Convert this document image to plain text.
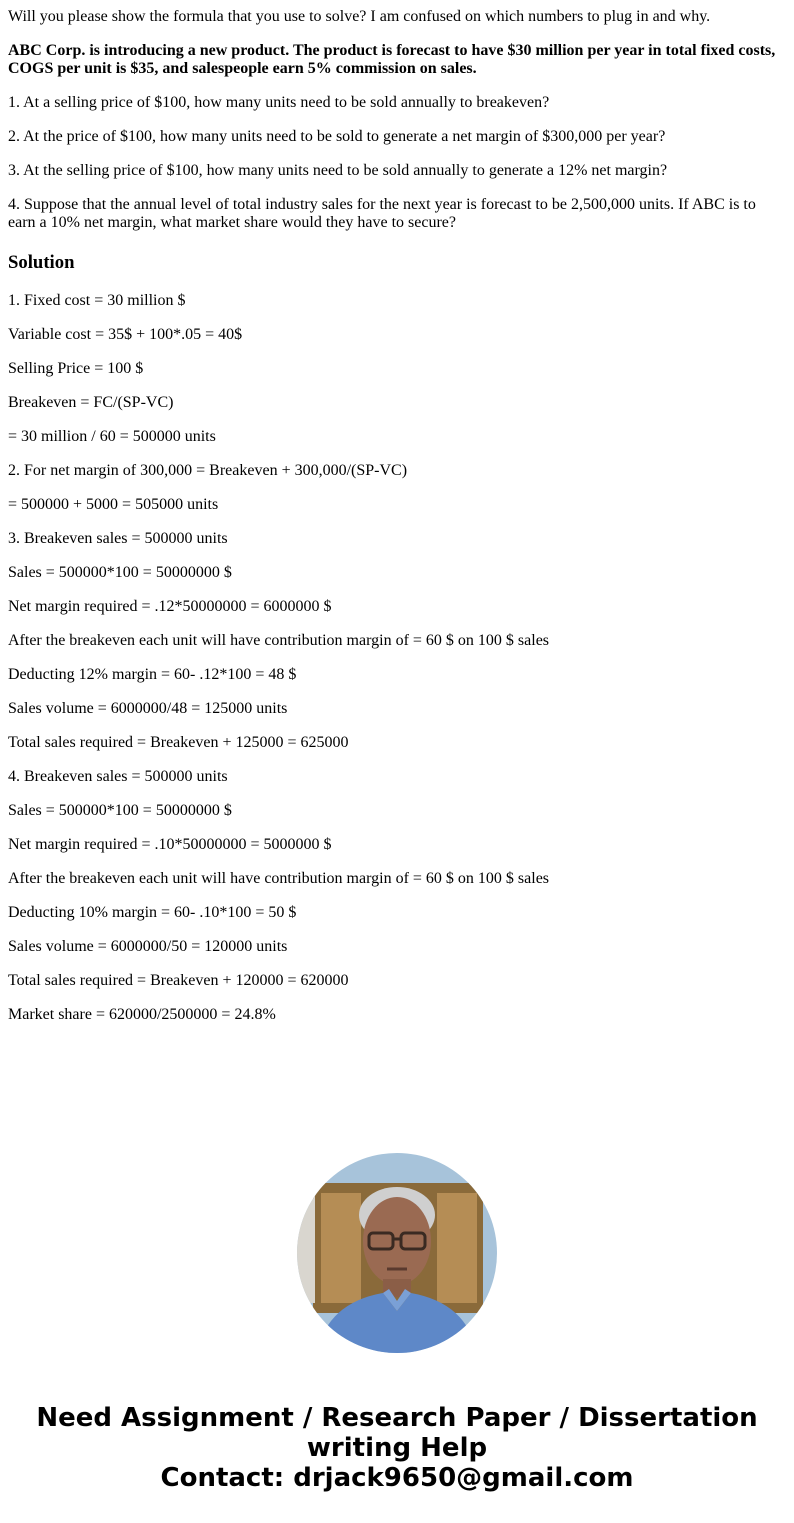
Will you please show the formula that you use to solve? I am confused on which numbers to plug in and why.

ABC Corp. is introducing a new product. The product is forecast to have $30 million per year in total fixed costs, COGS per unit is $35, and salespeople earn 5% commission on sales.

1. At a selling price of $100, how many units need to be sold annually to breakeven?

2. At the price of $100, how many units need to be sold to generate a net margin of $300,000 per year?

3. At the selling price of $100, how many units need to be sold annually to generate a 12% net margin?

4. Suppose that the annual level of total industry sales for the next year is forecast to be 2,500,000 units. If ABC is to earn a 10% net margin, what market share would they have to secure?

Solution

1. Fixed cost = 30 million $

Variable cost = 35$ + 100*.05 = 40$

Selling Price = 100 $

Breakeven = FC/(SP-VC)

= 30 million / 60 = 500000 units

2. For net margin of 300,000 = Breakeven + 300,000/(SP-VC)

= 500000 + 5000 = 505000 units

3. Breakeven sales = 500000 units

Sales = 500000*100 = 50000000 $

Net margin required = .12*50000000 = 6000000 $

After the breakeven each unit will have contribution margin of = 60 $ on 100 $ sales

Deducting 12% margin = 60- .12*100 = 48 $

Sales volume = 6000000/48 = 125000 units

Total sales required = Breakeven + 125000 = 625000

4. Breakeven sales = 500000 units

Sales = 500000*100 = 50000000 $

Net margin required = .10*50000000 = 5000000 $

After the breakeven each unit will have contribution margin of = 60 $ on 100 $ sales

Deducting 10% margin = 60- .10*100 = 50 $

Sales volume = 6000000/50 = 120000 units

Total sales required = Breakeven + 120000 = 620000

Market share = 620000/2500000 = 24.8%

Need Assignment / Research Paper / Dissertation
writing Help
Contact: drjack9650@gmail.com
